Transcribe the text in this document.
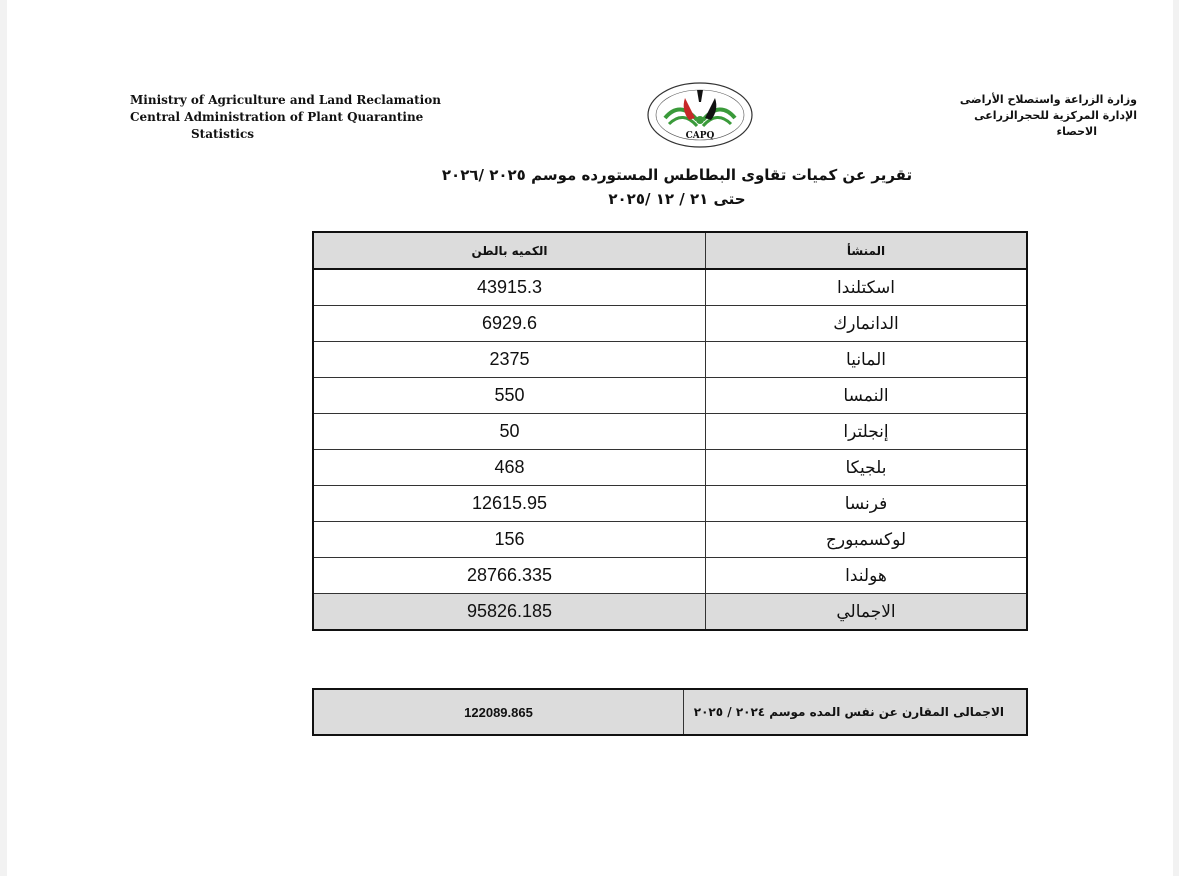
Ministry of Agriculture and Land Reclamation
Central Administration of Plant Quarantine
Statistics	CAPQ
وزارة الزراعة واستصلاح الأراضى
الإدارة المركزية للحجرالزراعى
الاحصاء
تقرير عن كميات تقاوى البطاطس المستورده موسم ٢٠٢٥ /٢٠٢٦
حتى ٢١ / ١٢ /٢٠٢٥
المنشأ	الكميه بالطن
اسكتلندا	43915.3
الدانمارك	6929.6
المانيا	2375
النمسا	550
إنجلترا	50
بلجيكا	468
فرنسا	12615.95
لوكسمبورج	156
هولندا	28766.335
الاجمالي	95826.185
الاجمالى المقارن عن نفس المده موسم ٢٠٢٤ / ٢٠٢٥	122089.865
